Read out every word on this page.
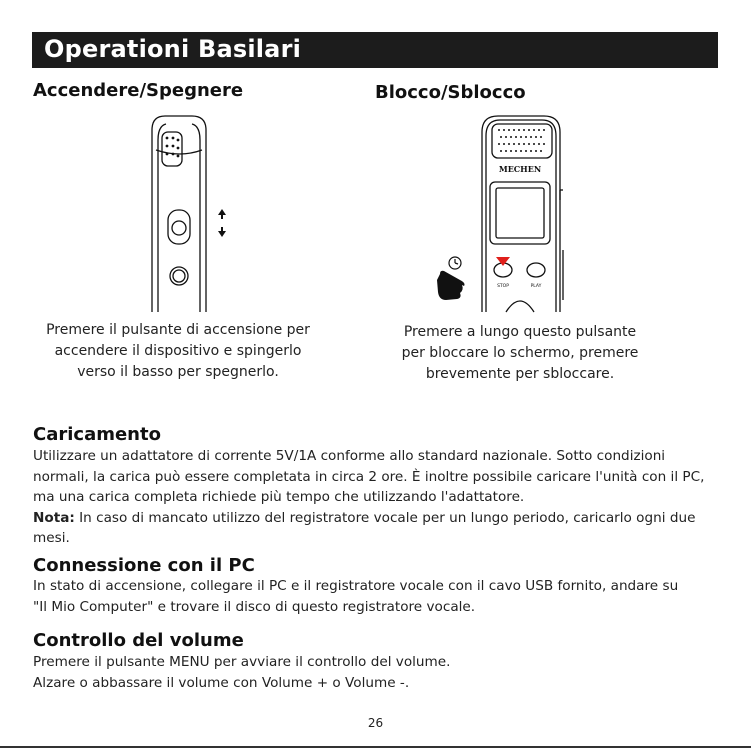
Operationi Basilari
Accendere/Spegnere
Premere il pulsante di accensione per
accendere il dispositivo e spingerlo
verso il basso per spegnerlo.
Blocco/Sblocco
MECHEN
STOP	PLAY
Premere a lungo questo pulsante
per bloccare lo schermo, premere
brevemente per sbloccare.
Caricamento

Utilizzare un adattatore di corrente 5V/1A conforme allo standard nazionale. Sotto condizioni

normali, la carica può essere completata in circa 2 ore. È inoltre possibile caricare l'unità con il PC,

ma una carica completa richiede più tempo che utilizzando l'adattatore.

Nota: In caso di mancato utilizzo del registratore vocale per un lungo periodo, caricarlo ogni due

mesi.

Connessione con il PC

In stato di accensione, collegare il PC e il registratore vocale con il cavo USB fornito, andare su

"Il Mio Computer" e trovare il disco di questo registratore vocale.

Controllo del volume

Premere il pulsante MENU per avviare il controllo del volume.

Alzare o abbassare il volume con Volume + o Volume -.

26
